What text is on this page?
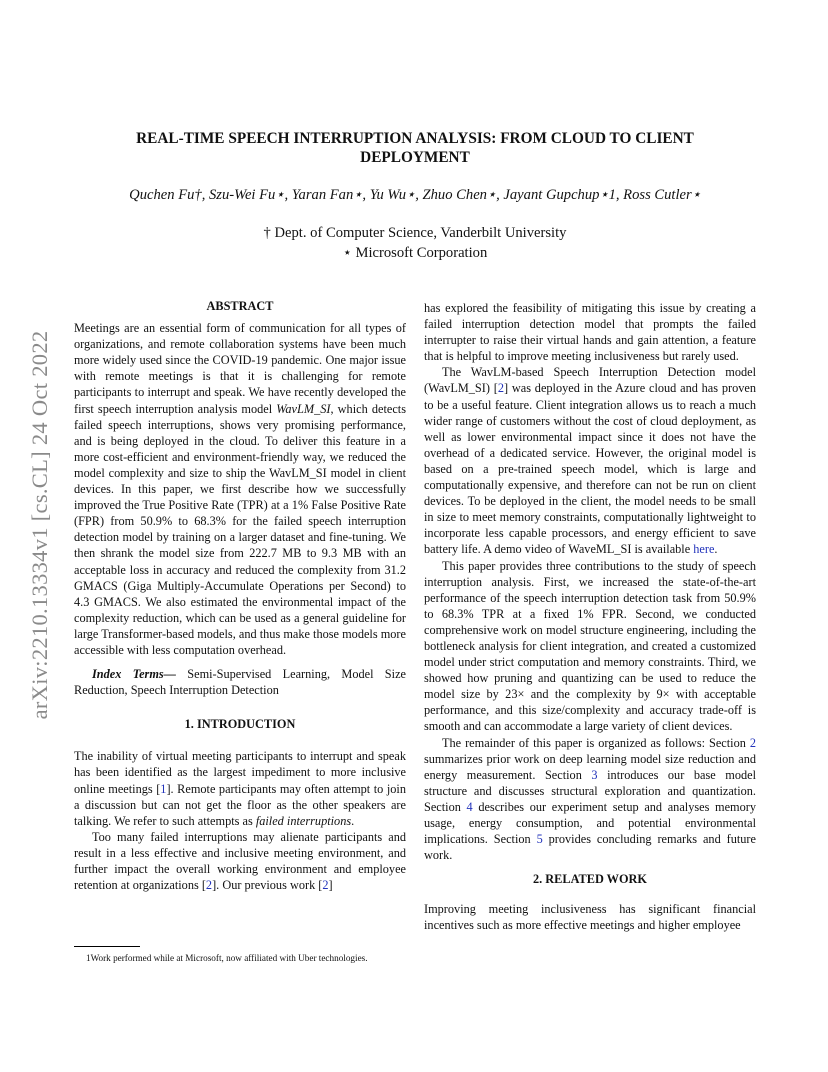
arXiv:2210.13334v1 [cs.CL] 24 Oct 2022
REAL-TIME SPEECH INTERRUPTION ANALYSIS: FROM CLOUD TO CLIENT DEPLOYMENT
Quchen Fu†, Szu-Wei Fu⋆, Yaran Fan⋆, Yu Wu⋆, Zhuo Chen⋆, Jayant Gupchup⋆1, Ross Cutler⋆
† Dept. of Computer Science, Vanderbilt University
⋆ Microsoft Corporation
ABSTRACT

Meetings are an essential form of communication for all types of organizations, and remote collaboration systems have been much more widely used since the COVID-19 pandemic. One major issue with remote meetings is that it is challenging for remote participants to interrupt and speak. We have recently developed the first speech interruption analysis model WavLM_SI, which detects failed speech interruptions, shows very promising performance, and is being deployed in the cloud. To deliver this feature in a more cost-efficient and environment-friendly way, we reduced the model complexity and size to ship the WavLM_SI model in client devices. In this paper, we first describe how we successfully improved the True Positive Rate (TPR) at a 1% False Positive Rate (FPR) from 50.9% to 68.3% for the failed speech interruption detection model by training on a larger dataset and fine-tuning. We then shrank the model size from 222.7 MB to 9.3 MB with an acceptable loss in accuracy and reduced the complexity from 31.2 GMACS (Giga Multiply-Accumulate Operations per Second) to 4.3 GMACS. We also estimated the environmental impact of the complexity reduction, which can be used as a general guideline for large Transformer-based models, and thus make those models more accessible with less computation overhead.

Index Terms— Semi-Supervised Learning, Model Size Reduction, Speech Interruption Detection

1. INTRODUCTION

The inability of virtual meeting participants to interrupt and speak has been identified as the largest impediment to more inclusive online meetings [1]. Remote participants may often attempt to join a discussion but can not get the floor as the other speakers are talking. We refer to such attempts as failed interruptions.

Too many failed interruptions may alienate participants and result in a less effective and inclusive meeting environment, and further impact the overall working environment and employee retention at organizations [2]. Our previous work [2]

1Work performed while at Microsoft, now affiliated with Uber technologies.

has explored the feasibility of mitigating this issue by creating a failed interruption detection model that prompts the failed interrupter to raise their virtual hands and gain attention, a feature that is helpful to improve meeting inclusiveness but rarely used.

The WavLM-based Speech Interruption Detection model (WavLM_SI) [2] was deployed in the Azure cloud and has proven to be a useful feature. Client integration allows us to reach a much wider range of customers without the cost of cloud deployment, as well as lower environmental impact since it does not have the overhead of a dedicated service. However, the original model is based on a pre-trained speech model, which is large and computationally expensive, and therefore can not be run on client devices. To be deployed in the client, the model needs to be small in size to meet memory constraints, computationally lightweight to incorporate less capable processors, and energy efficient to save battery life. A demo video of WaveML_SI is available here.

This paper provides three contributions to the study of speech interruption analysis. First, we increased the state-of-the-art performance of the speech interruption detection task from 50.9% to 68.3% TPR at a fixed 1% FPR. Second, we conducted comprehensive work on model structure engineering, including the bottleneck analysis for client integration, and created a customized model under strict computation and memory constraints. Third, we showed how pruning and quantizing can be used to reduce the model size by 23× and the complexity by 9× with acceptable performance, and this size/complexity and accuracy trade-off is smooth and can accommodate a large variety of client devices.

The remainder of this paper is organized as follows: Section 2 summarizes prior work on deep learning model size reduction and energy measurement. Section 3 introduces our base model structure and discusses structural exploration and quantization. Section 4 describes our experiment setup and analyses memory usage, energy consumption, and potential environmental implications. Section 5 provides concluding remarks and future work.

2. RELATED WORK

Improving meeting inclusiveness has significant financial incentives such as more effective meetings and higher employee
